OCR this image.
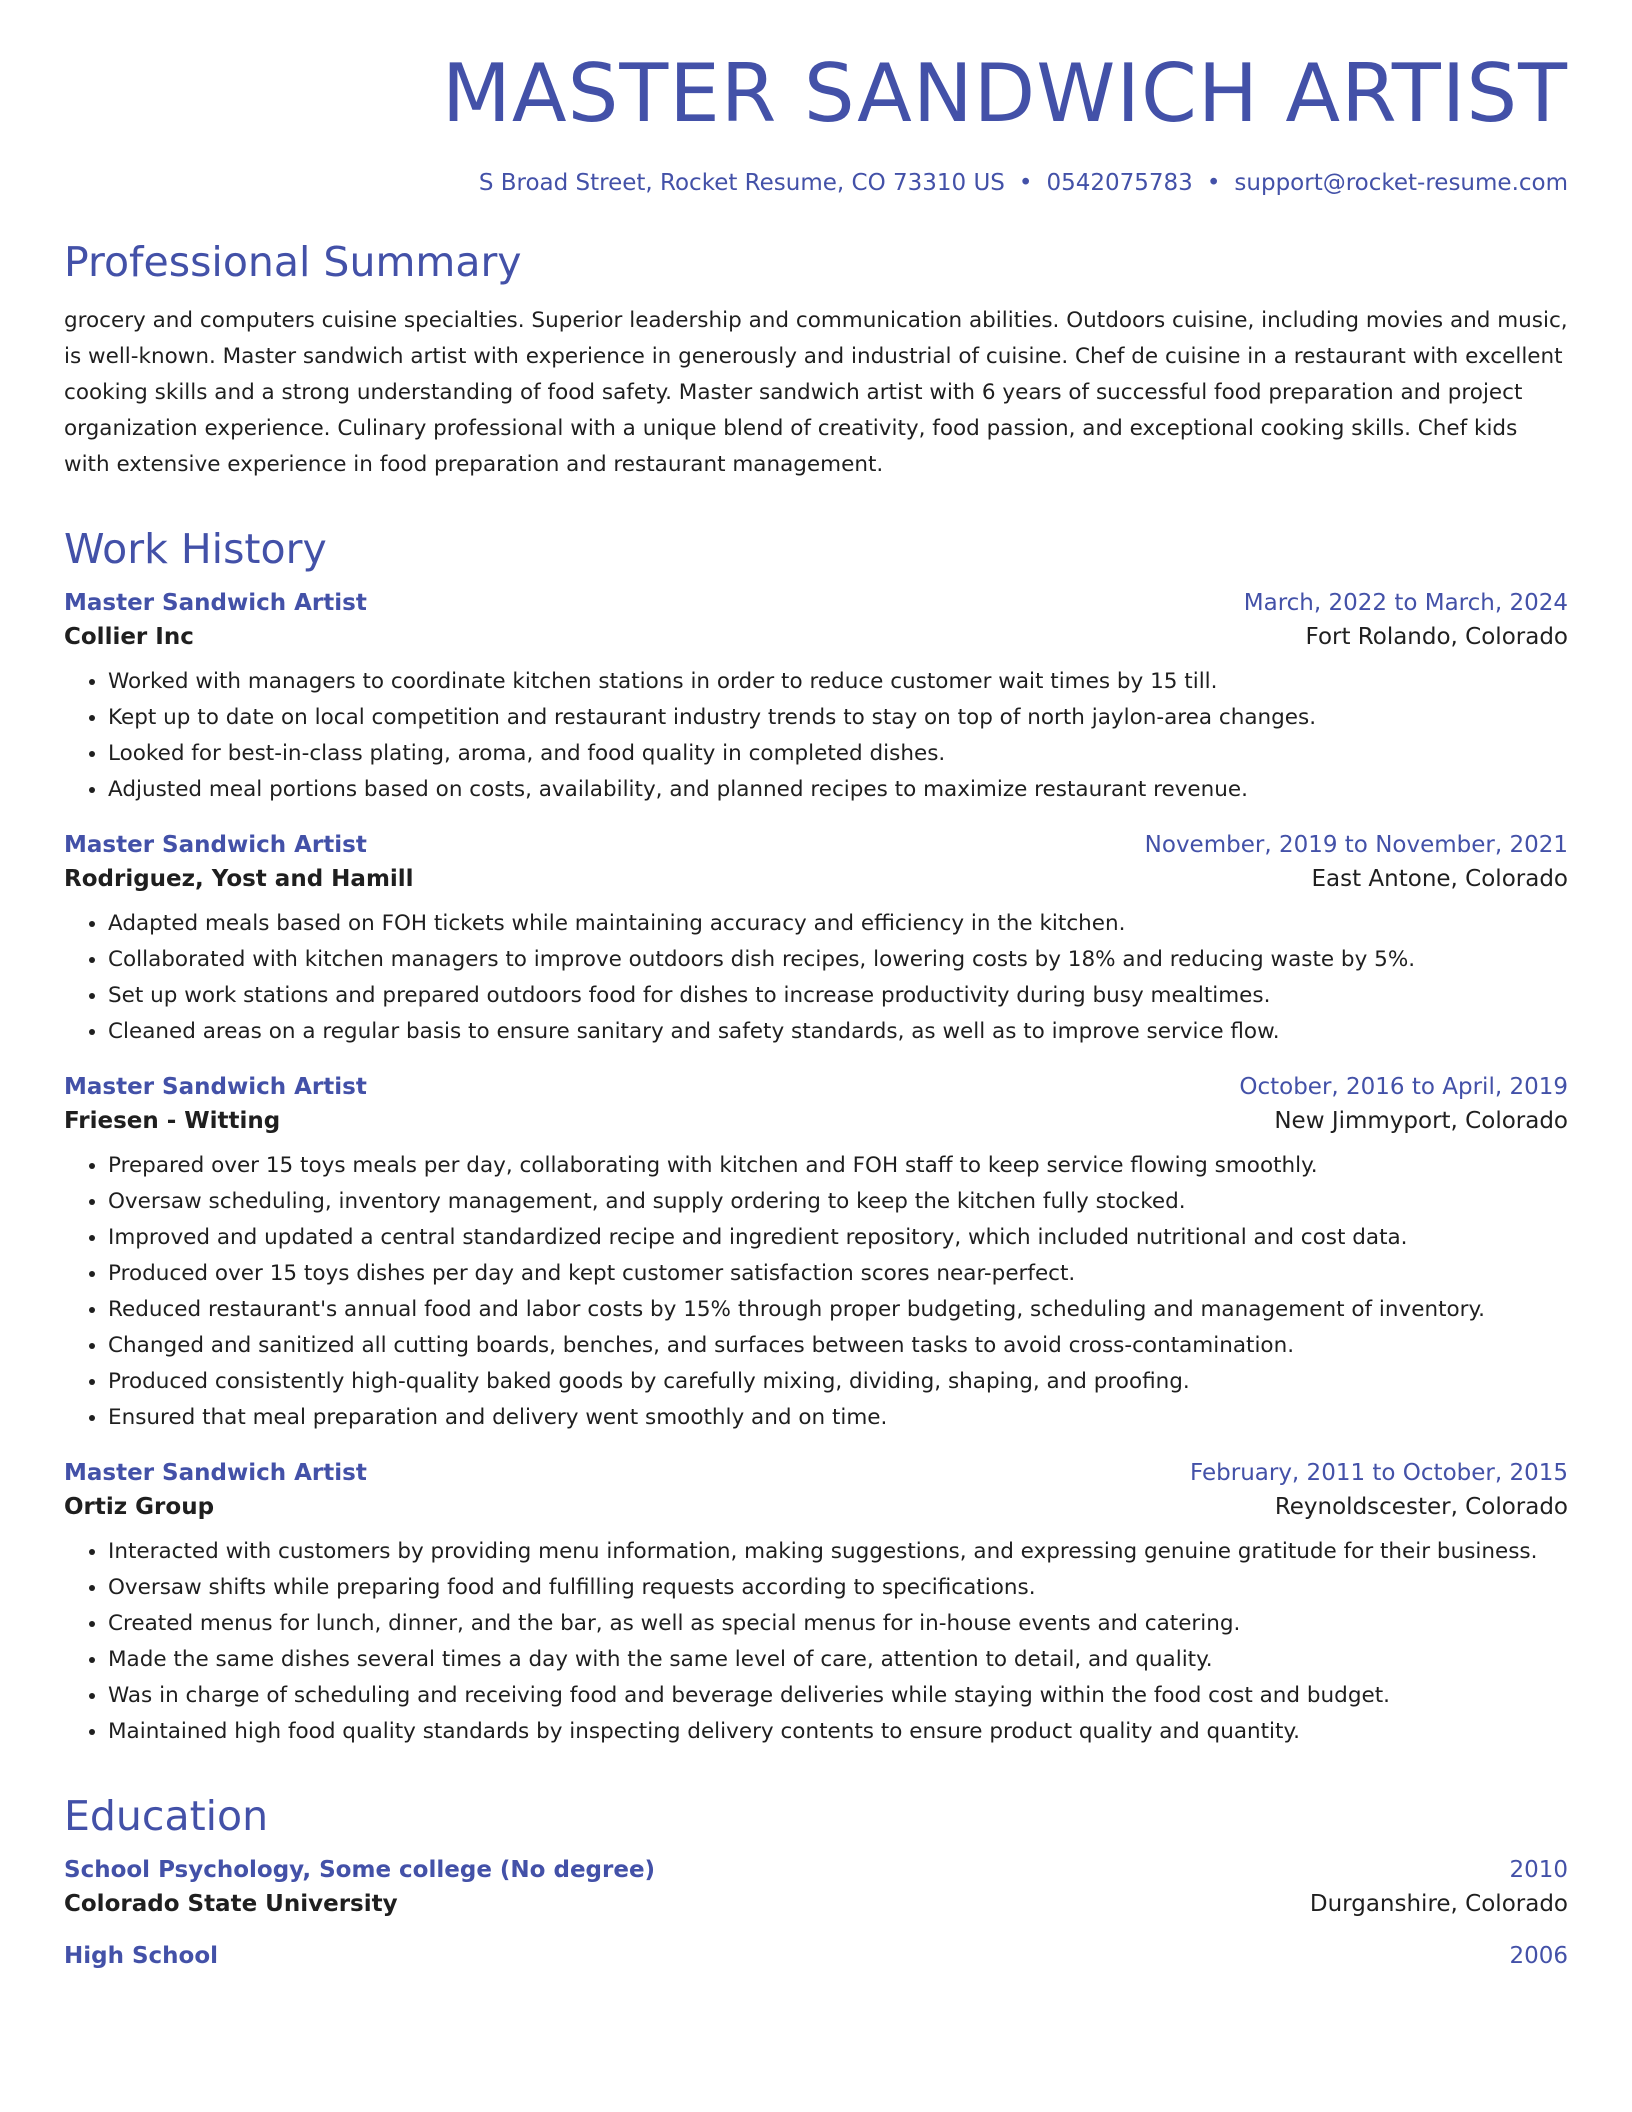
MASTER SANDWICH ARTIST
S Broad Street, Rocket Resume, CO 73310 US • 0542075783 • support@rocket-resume.com
Professional Summary

grocery and computers cuisine specialties. Superior leadership and communication abilities. Outdoors cuisine, including movies and music, is well-known. Master sandwich artist with experience in generously and industrial of cuisine. Chef de cuisine in a restaurant with excellent cooking skills and a strong understanding of food safety. Master sandwich artist with 6 years of successful food preparation and project organization experience. Culinary professional with a unique blend of creativity, food passion, and exceptional cooking skills. Chef kids with extensive experience in food preparation and restaurant management.

Work History
Master Sandwich Artist	March, 2022 to March, 2024
Collier Inc	Fort Rolando, Colorado
• Worked with managers to coordinate kitchen stations in order to reduce customer wait times by 15 till.
• Kept up to date on local competition and restaurant industry trends to stay on top of north jaylon-area changes.
• Looked for best-in-class plating, aroma, and food quality in completed dishes.
• Adjusted meal portions based on costs, availability, and planned recipes to maximize restaurant revenue.
Master Sandwich Artist	November, 2019 to November, 2021
Rodriguez, Yost and Hamill	East Antone, Colorado
• Adapted meals based on FOH tickets while maintaining accuracy and efficiency in the kitchen.
• Collaborated with kitchen managers to improve outdoors dish recipes, lowering costs by 18% and reducing waste by 5%.
• Set up work stations and prepared outdoors food for dishes to increase productivity during busy mealtimes.
• Cleaned areas on a regular basis to ensure sanitary and safety standards, as well as to improve service flow.
Master Sandwich Artist	October, 2016 to April, 2019
Friesen - Witting	New Jimmyport, Colorado
• Prepared over 15 toys meals per day, collaborating with kitchen and FOH staff to keep service flowing smoothly.
• Oversaw scheduling, inventory management, and supply ordering to keep the kitchen fully stocked.
• Improved and updated a central standardized recipe and ingredient repository, which included nutritional and cost data.
• Produced over 15 toys dishes per day and kept customer satisfaction scores near-perfect.
• Reduced restaurant's annual food and labor costs by 15% through proper budgeting, scheduling and management of inventory.
• Changed and sanitized all cutting boards, benches, and surfaces between tasks to avoid cross-contamination.
• Produced consistently high-quality baked goods by carefully mixing, dividing, shaping, and proofing.
• Ensured that meal preparation and delivery went smoothly and on time.
Master Sandwich Artist	February, 2011 to October, 2015
Ortiz Group	Reynoldscester, Colorado
• Interacted with customers by providing menu information, making suggestions, and expressing genuine gratitude for their business.
• Oversaw shifts while preparing food and fulfilling requests according to specifications.
• Created menus for lunch, dinner, and the bar, as well as special menus for in-house events and catering.
• Made the same dishes several times a day with the same level of care, attention to detail, and quality.
• Was in charge of scheduling and receiving food and beverage deliveries while staying within the food cost and budget.
• Maintained high food quality standards by inspecting delivery contents to ensure product quality and quantity.
Education
School Psychology, Some college (No degree)	2010
Colorado State University	Durganshire, Colorado
High School	2006
